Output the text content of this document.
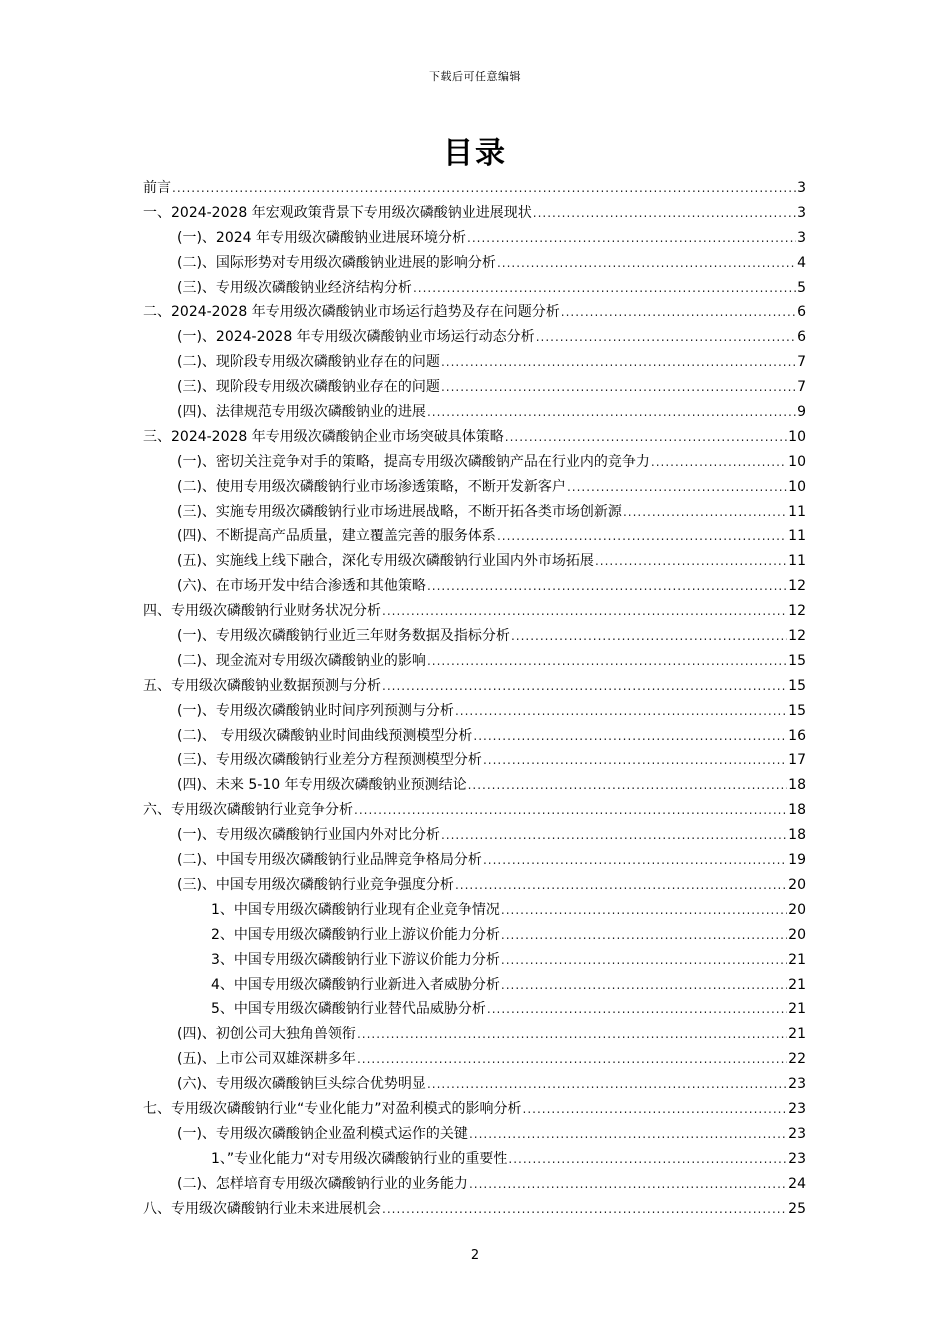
下载后可任意编辑
目录
前言 .....	3
一、2024-2028 年宏观政策背景下专用级次磷酸钠业进展现状 .....	3
(一)、2024 年专用级次磷酸钠业进展环境分析 .....	3
(二)、国际形势对专用级次磷酸钠业进展的影响分析 .....	4
(三)、专用级次磷酸钠业经济结构分析 .....	5
二、2024-2028 年专用级次磷酸钠业市场运行趋势及存在问题分析 .....	6
(一)、2024-2028 年专用级次磷酸钠业市场运行动态分析 .....	6
(二)、现阶段专用级次磷酸钠业存在的问题 .....	7
(三)、现阶段专用级次磷酸钠业存在的问题 .....	7
(四)、法律规范专用级次磷酸钠业的进展 .....	9
三、2024-2028 年专用级次磷酸钠企业市场突破具体策略 .....	10
(一)、密切关注竞争对手的策略，提高专用级次磷酸钠产品在行业内的竞争力 .....	10
(二)、使用专用级次磷酸钠行业市场渗透策略，不断开发新客户 .....	10
(三)、实施专用级次磷酸钠行业市场进展战略，不断开拓各类市场创新源 .....	11
(四)、不断提高产品质量，建立覆盖完善的服务体系 .....	11
(五)、实施线上线下融合，深化专用级次磷酸钠行业国内外市场拓展 .....	11
(六)、在市场开发中结合渗透和其他策略 .....	12
四、专用级次磷酸钠行业财务状况分析 .....	12
(一)、专用级次磷酸钠行业近三年财务数据及指标分析 .....	12
(二)、现金流对专用级次磷酸钠业的影响 .....	15
五、专用级次磷酸钠业数据预测与分析 .....	15
(一)、专用级次磷酸钠业时间序列预测与分析 .....	15
(二)、 专用级次磷酸钠业时间曲线预测模型分析 .....	16
(三)、专用级次磷酸钠行业差分方程预测模型分析 .....	17
(四)、未来 5-10 年专用级次磷酸钠业预测结论 .....	18
六、专用级次磷酸钠行业竞争分析 .....	18
(一)、专用级次磷酸钠行业国内外对比分析 .....	18
(二)、中国专用级次磷酸钠行业品牌竞争格局分析 .....	19
(三)、中国专用级次磷酸钠行业竞争强度分析 .....	20
1、中国专用级次磷酸钠行业现有企业竞争情况 .....	20
2、中国专用级次磷酸钠行业上游议价能力分析 .....	20
3、中国专用级次磷酸钠行业下游议价能力分析 .....	21
4、中国专用级次磷酸钠行业新进入者威胁分析 .....	21
5、中国专用级次磷酸钠行业替代品威胁分析 .....	21
(四)、初创公司大独角兽领衔 .....	21
(五)、上市公司双雄深耕多年 .....	22
(六)、专用级次磷酸钠巨头综合优势明显 .....	23
七、专用级次磷酸钠行业“专业化能力”对盈利模式的影响分析 .....	23
(一)、专用级次磷酸钠企业盈利模式运作的关键 .....	23
1、”专业化能力“对专用级次磷酸钠行业的重要性 .....	23
(二)、怎样培育专用级次磷酸钠行业的业务能力 .....	24
八、专用级次磷酸钠行业未来进展机会 .....	25
2
